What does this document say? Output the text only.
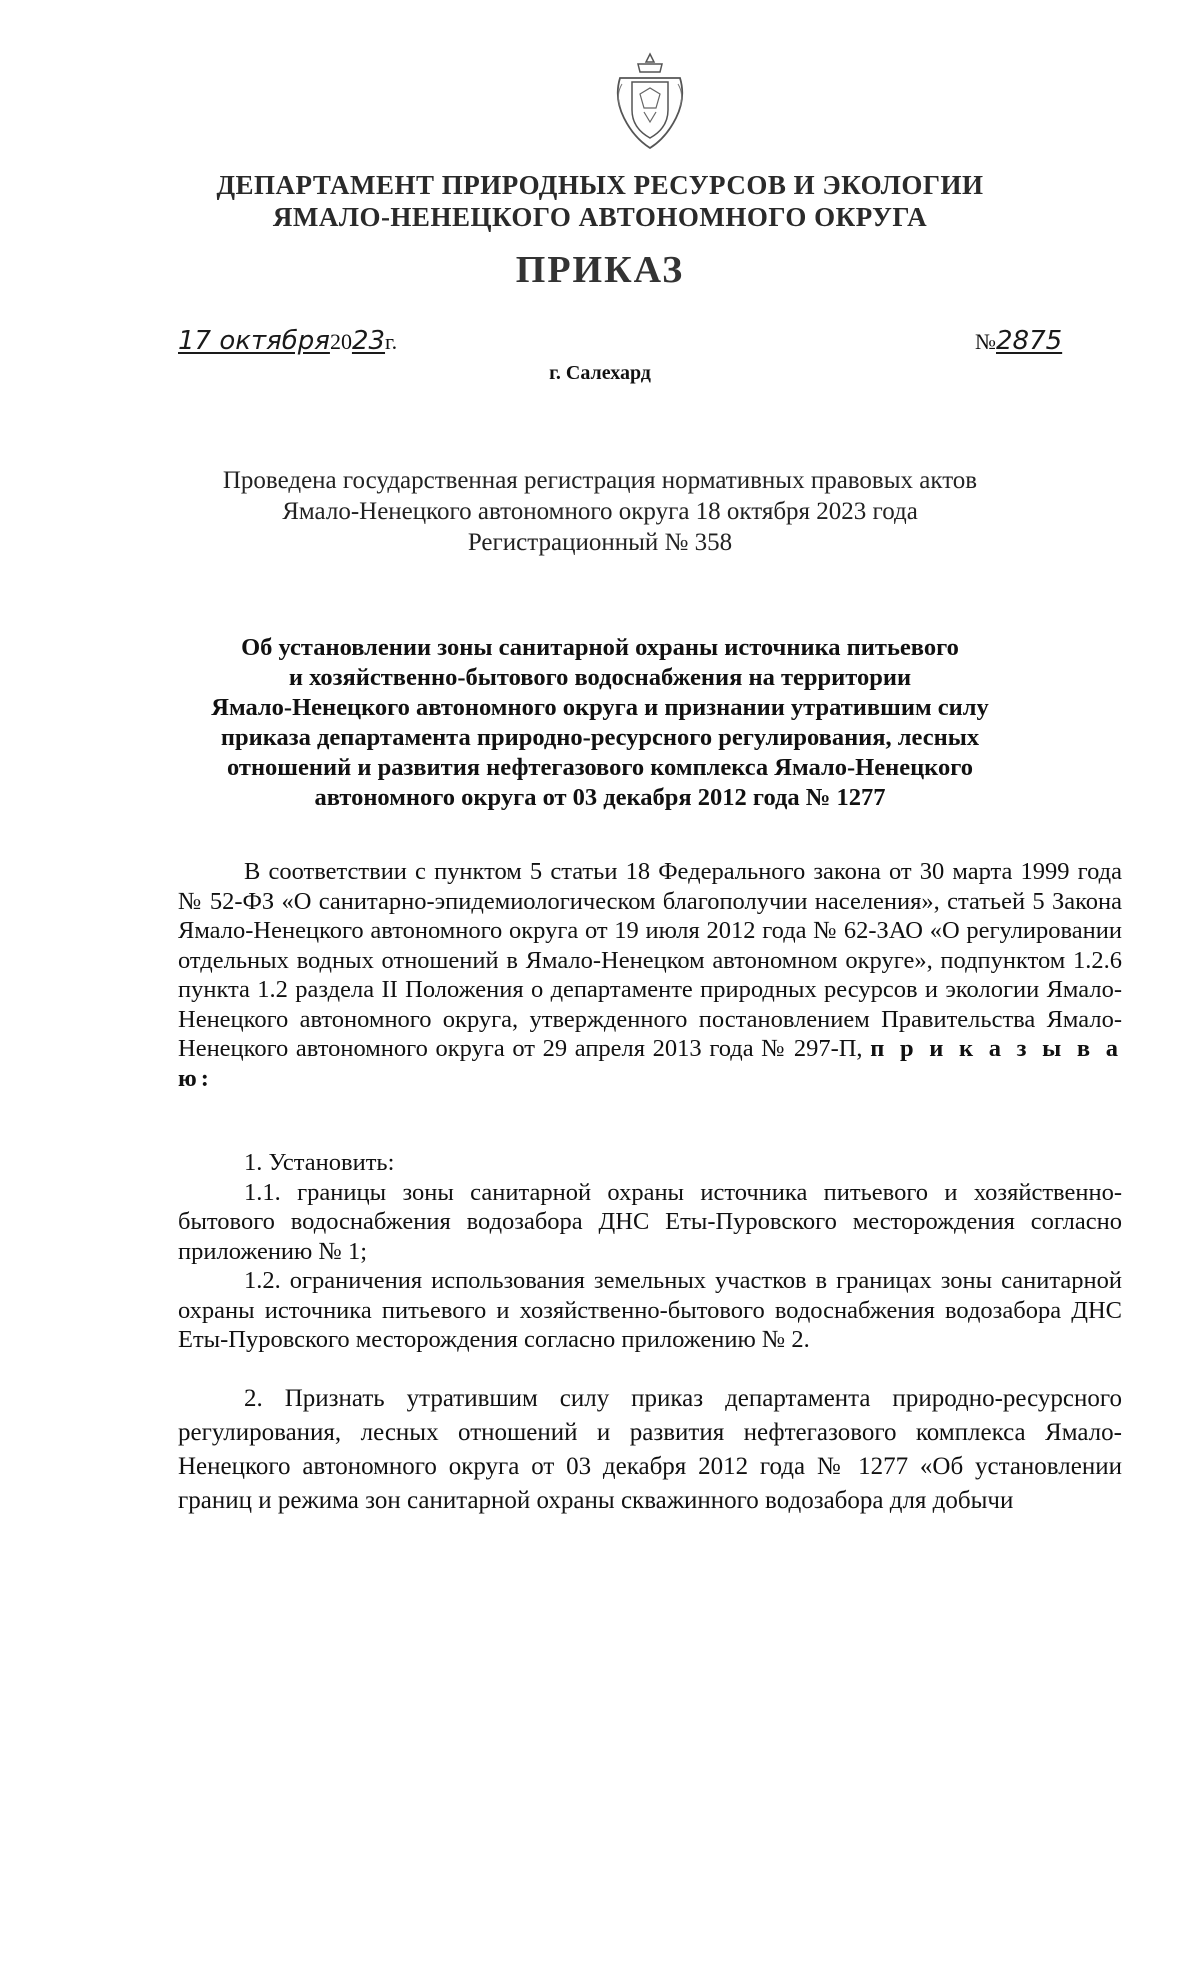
ДЕПАРТАМЕНТ ПРИРОДНЫХ РЕСУРСОВ И ЭКОЛОГИИ
ЯМАЛО-НЕНЕЦКОГО АВТОНОМНОГО ОКРУГА
ПРИКАЗ
17 октября2023г.	№2875
г. Салехард
Проведена государственная регистрация нормативных правовых актов
Ямало-Ненецкого автономного округа 18 октября 2023 года
Регистрационный № 358
Об установлении зоны санитарной охраны источника питьевого
и хозяйственно-бытового водоснабжения на территории
Ямало-Ненецкого автономного округа и признании утратившим силу
приказа департамента природно-ресурсного регулирования, лесных
отношений и развития нефтегазового комплекса Ямало-Ненецкого
автономного округа от 03 декабря 2012 года № 1277

В соответствии с пунктом 5 статьи 18 Федерального закона от 30 марта 1999 года № 52-ФЗ «О санитарно-эпидемиологическом благополучии населения», статьей 5 Закона Ямало-Ненецкого автономного округа от 19 июля 2012 года № 62-ЗАО «О регулировании отдельных водных отношений в Ямало-Ненецком автономном округе», подпунктом 1.2.6 пункта 1.2 раздела II Положения о департаменте природных ресурсов и экологии Ямало-Ненецкого автономного округа, утвержденного постановлением Правительства Ямало-Ненецкого автономного округа от 29 апреля 2013 года № 297-П, п р и к а з ы в а ю:

1. Установить:

1.1. границы зоны санитарной охраны источника питьевого и хозяйственно-бытового водоснабжения водозабора ДНС Еты-Пуровского месторождения согласно приложению № 1;

1.2. ограничения использования земельных участков в границах зоны санитарной охраны источника питьевого и хозяйственно-бытового водоснабжения водозабора ДНС Еты-Пуровского месторождения согласно приложению № 2.

2. Признать утратившим силу приказ департамента природно-ресурсного регулирования, лесных отношений и развития нефтегазового комплекса Ямало-Ненецкого автономного округа от 03 декабря 2012 года № 1277 «Об установлении границ и режима зон санитарной охраны скважинного водозабора для добычи
